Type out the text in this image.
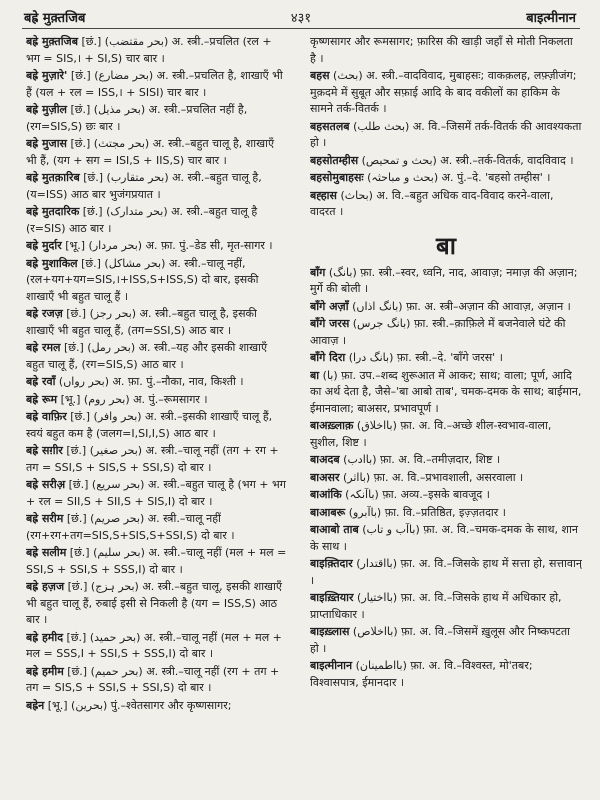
बह्रे मुक़्तजिब	४३१	बाइत्मीनान
बह्रे मुक़्तजिब [छं.] (بحر مقتضب) अ. स्त्री.–प्रचलित (रल + भग = SIS,। + SI,S) चार बार ।
बह्रे मुज़ारे' [छं.] (بحر مضارع) अ. स्त्री.–प्रचलित है, शाखाएँ भी हैं (यल + रल = ISS,। + SISI) चार बार ।
बह्रे मुज़ील [छं.] (بحر مذیل) अ. स्त्री.–प्रचलित नहीं है, (रग=SIS,S) छः बार ।
बह्रे मुजास [छं.] (بحر مجتث) अ. स्त्री.–बहुत चालू है, शाखाएँ भी हैं, (यग + सग = ISI,S + IIS,S) चार बार ।
बह्रे मुतक़ारिब [छं.] (بحر متقارب) अ. स्त्री.–बहुत चालू है, (य=ISS) आठ बार भुजंगप्रयात ।
बह्रे मुतदारिक [छं.] (بحر متدارک) अ. स्त्री.–बहुत चालू है (र=SIS) आठ बार ।
बह्रे मुर्दार [भू.] (بحر مردار) अ. फ़ा. पुं.–डेड सी, मृत-सागर ।
बह्रे मुशाकिल [छं.] (بحر مشاکل) अ. स्त्री.–चालू नहीं, (रल+यग+यग=SIS,।+ISS,S+ISS,S) दो बार, इसकी शाखाएँ भी बहुत चालू हैं ।
बह्रे रजज़ [छं.] (بحر رجز) अ. स्त्री.–बहुत चालू है, इसकी शाखाएँ भी बहुत चालू हैं, (तग=SSI,S) आठ बार ।
बह्रे रमल [छं.] (بحر رمل) अ. स्त्री.–यह और इसकी शाखाएँ बहुत चालू हैं, (रग=SIS,S) आठ बार ।
बह्रे रवाँ (بحر رواں) अ. फ़ा. पुं.–नौका, नाव, किश्ती ।
बह्रे रूम [भू.] (بحر روم) अ. पुं.–रूमसागर ।
बह्रे वाफ़िर [छं.] (بحر وافر) अ. स्त्री.–इसकी शाखाएँ चालू हैं, स्वयं बहुत कम है (जलग=I,SI,I,S) आठ बार ।
बह्रे सग़ीर [छं.] (بحر صغیر) अ. स्त्री.–चालू नहीं (तग + रग + तग = SSI,S + SIS,S + SSI,S) दो बार ।
बह्रे सरीअ़ [छं.] (بحر سریع) अ. स्त्री.–बहुत चालू है (भग + भग + रल = SII,S + SII,S + SIS,I) दो बार ।
बह्रे सरीम [छं.] (بحر صریم) अ. स्त्री.–चालू नहीं (रग+रग+तग=SIS,S+SIS,S+SSI,S) दो बार ।
बह्रे सलीम [छं.] (بحر سلیم) अ. स्त्री.–चालू नहीं (मल + मल = SSI,S + SSI,S + SSS,I) दो बार ।
बह्रे हज़ज [छं.] (بحر ہزج) अ. स्त्री.–बहुत चालू, इसकी शाखाएँ भी बहुत चालू हैं, रुबाई इसी से निकली है (यग = ISS,S) आठ बार ।
बह्रे हमीद [छं.] (بحر حمید) अ. स्त्री.–चालू नहीं (मल + मल + मल = SSS,I + SSI,S + SSS,I) दो बार ।
बह्रे हमीम [छं.] (بحر حمیم) अ. स्त्री.–चालू नहीं (रग + तग + तग = SIS,S + SSI,S + SSI,S) दो बार ।
बह्रेन [भू.] (بحرین) पुं.–श्वेतसागर और कृष्णसागर;
कृष्णसागर और रूमसागर; फ़ारिस की खाड़ी जहाँ से मोती निकलता है ।
बहस (بحث) अ. स्त्री.–वादविवाद, मुबाहसः; वाकक़लह, लफ़्ज़ीजंग; मुक़दमे में सुबूत और सफ़ाई आदि के बाद वकीलों का हाकिम के सामने तर्क-वितर्क ।
बहसतलब (بحث طلب) अ. वि.–जिसमें तर्क-वितर्क की आवश्यकता हो ।
बहसोतम्हीस (بحث و تمحیص) अ. स्त्री.–तर्क-वितर्क, वादविवाद ।
बहसोमुबाहसः (بحث و مباحثہ) अ. पुं.–दे. 'बहसो तम्हीस' ।
बह्हास (بحاث) अ. वि.–बहुत अधिक वाद-विवाद करने-वाला, वादरत ।
बा
बाँग (بانگ) फ़ा. स्त्री.–स्वर, ध्वनि, नाद, आवाज़; नमाज़ की अज़ान; मुर्गे की बोली ।
बाँगे अज़ाँ (بانگ اذاں) फ़ा. अ. स्त्री–अज़ान की आवाज़, अज़ान ।
बाँगे जरस (بانگ جرس) फ़ा. स्त्री.–क़ाफ़िले में बजनेवाले घंटे की आवाज़ ।
बाँगे दिरा (بانگ درا) फ़ा. स्त्री.–दे. 'बाँगे जरस' ।
बा (با) फ़ा. उप.–शब्द शुरूआत में आकर; साथ; वाला; पूर्ण, आदि का अर्थ देता है, जैसे–'बा आबो ताब', चमक-दमक के साथ; बाईमान, ईमानवाला; बाअसर, प्रभावपूर्ण ।
बाअख़्लाक़ (بااخلاق) फ़ा. अ. वि.–अच्छे शील-स्वभाव-वाला, सुशील, शिष्ट ।
बाअदब (باادب) फ़ा. अ. वि.–तमीज़दार, शिष्ट ।
बाअसर (بااثر) फ़ा. अ. वि.–प्रभावशाली, असरवाला ।
बाआंकि (باآنکہ) फ़ा. अव्य.–इसके बावजूद ।
बाआबरू (باآبرو) फ़ा. वि.–प्रतिष्ठित, इज़्ज़तदार ।
बाआबो ताब (باآب و تاب) फ़ा. अ. वि.–चमक-दमक के साथ, शान के साथ ।
बाइक़्तिदार (بااقتدار) फ़ा. अ. वि.–जिसके हाथ में सत्ता हो, सत्तावान् ।
बाइख़्तियार (بااختیار) फ़ा. अ. वि.–जिसके हाथ में अधिकार हो, प्राप्ताधिकार ।
बाइख़्लास (بااخلاص) फ़ा. अ. वि.–जिसमें ख़ुलूस और निष्कपटता हो ।
बाइत्मीनान (بااطمینان) फ़ा. अ. वि.–विश्वस्त, मो'तबर; विश्वासपात्र, ईमानदार ।
